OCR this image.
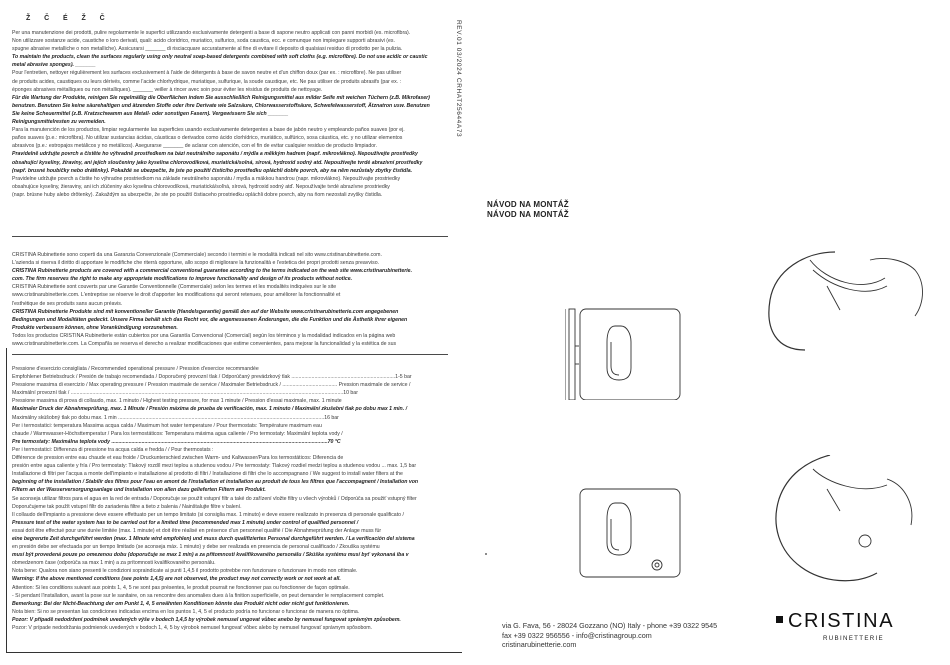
Ž   Č   É   Ž   Č
REV.01 03/2024 CRHAT25644A73

Per una manutenzione dei prodotti, pulire regolarmente le superfici utilizzando esclusivamente detergenti a base di sapone neutro applicati con panni morbidi (es. microfibra).

Non utilizzare sostanze acide, caustiche o loro derivati, quali: acido cloridrico, muriatico, sulfurico, soda caustica, ecc. e comunque non impiegare supporti abrasivi (es.

spugne abrasive metalliche o non metalliche). Assicurarsi _______ di risciacquare accuratamente al fine di evitare il deposito di qualsiasi residuo di prodotto per la pulizia.

To maintain the products, clean the surfaces regularly using only neutral soap-based detergents combined with soft cloths (e.g. microfibre). Do not use acidic or caustic

metal abrasive sponges). _______

Pour l'entretien, nettoyer régulièrement les surfaces exclusivement à l'aide de détergents à base de savon neutre et d'un chiffon doux (par ex. : microfibre). Ne pas utiliser

de produits acides, caustiques ou leurs dérivés, comme l'acide chlorhydrique, muriatique, sulfurique, la soude caustique, etc. Ne pas utiliser de produits abrasifs (par ex. :

éponges abrasives métalliques ou non métalliques). _______ veiller à rincer avec soin pour éviter les résidus de produits de nettoyage.

Für die Wartung der Produkte, reinigen Sie regelmäßig die Oberflächen indem Sie ausschließlich Reinigungsmittel aus milder Seife mit weichen Tüchern (z.B. Mikrofaser)

benutzen. Benutzen Sie keine säurehaltigen und ätzenden Stoffe oder ihre Derivate wie Salzsäure, Chlorwasserstoffsäure, Schwefelwasserstoff, Ätznatron usw. Benutzen

Sie keine Scheuermittel (z.B. Kratzschwamm aus Metall- oder sonstigen Fasern). Vergewissern Sie sich _______

Reinigungsmittelresten zu vermeiden.

Para la manutención de los productos, limpiar regularmente las superficies usando exclusivamente detergentes a base de jabón neutro y empleando paños suaves (por ej.

paños suaves (p.e.: microfibra). No utilizar sustancias ácidas, cáusticas o derivados como ácido clorhídrico, muriático, sulfúrico, sosa cáustica, etc. y no utilizar elementos

abrasivos (p.e.: estropajos metálicos y no metálicos). Asegurarse _______ de aclarar con atención, con el fin de evitar cualquier residuo de producto limpiador.

Pravidelně udržujte povrch a čistěte ho výhradně prostředkem na bázi neutrálního saponátu / mýdla a měkkým hadrem (např. mikrovlákno). Nepoužívejte prostředky

obsahující kyseliny, žíraviny, ani jejich sloučeniny jako kyselina chlorovodíková, muriatická/solná, sírová, hydroxid sodný atd. Nepoužívejte tvrdé abrazivní prostředky

(např. brusné houbičky nebo drátěnky). Pokaždé se ubezpečte, že jste po použití čisticího prostředku opláchli dobře povrch, aby na něm nezůstaly zbytky čistidla.

Pravidelne udržujte povrch a čistite ho výhradne prostriedkom na základe neutrálneho saponátu / mydla a mäkkou handrou (napr. mikrovlákno). Nepoužívajte prostriedky

obsahujúce kyseliny, žieraviny, ani ich zlúčeniny ako kyselina chlorovodíková, muriatická/soľná, sírová, hydroxid sodný atď. Nepoužívajte tvrdé abrazívne prostriedky

(napr. brúsne huby alebo drôtenky). Zakaždým sa ubezpečte, že ste po použití čistiaceho prostriedku opláchli dobre povrch, aby na ňom nezostali zvyšky čistidla.

CRISTINA Rubinetterie sono coperti da una Garanzia Convenzionale (Commerciale) secondo i termini e le modalità indicati nel sito www.cristinarubinetterie.com.

L'azienda si riserva il diritto di apportare le modifiche che riterrà opportune, allo scopo di migliorare la funzionalità e l'estetica dei propri prodotti senza preavviso.

CRISTINA Rubinetterie products are covered with a commercial conventional guarantee according to the terms indicated on the web site www.cristinarubinetterie.

com. The firm reserves the right to make any appropriate modifications to improve functionality and design of its products without notice.

CRISTINA Rubinetterie sont couverts par une Garantie Conventionnelle (Commerciale) selon les termes et les modalités indiquées sur le site

www.cristinarubinetterie.com. L'entreprise se réserve le droit d'apporter les modifications qui seront retenues, pour améliorer la fonctionnalité et

l'esthétique de ses produits sans aucun préavis.

CRISTINA Rubinetterie Produkte sind mit konventioneller Garantie (Handelsgarantie) gemäß den auf der Website www.cristinarubinetterie.com angegebenen

Bedingungen und Modalitäten gedeckt. Unsere Firma behält sich das Recht vor, die angemessenen Änderungen, die die Funktion und die Ästhetik ihrer eigenen

Produkte verbessern können, ohne Vorankündigung vorzunehmen.

Todos los productos CRISTINA Rubinetterie están cubiertos por una Garantía Convencional (Comercial) según los términos y la modalidad indicados en la página web

www.cristinarubinetterie.com. La Compañía se reserva el derecho a realizar modificaciones que estime convenientes, para mejorar la funcionalidad y la estética de sus

Pressione d'esercizio consigliata / Recommended operational pressure / Pression d'exercice recommandée

Empfohlener Betriebsdruck / Presión de trabajo recomendada / Doporučený provozní tlak / Odporúčaný prevádzkový tlak ........................................................................1-5 bar

Pressione massima di esercizio / Max operating pressure / Pression maximale de service / Maximaler Betriebsdruck / ...................................... Pression maximale de service /

Maximální provozní tlak / .............................................................................................................................................................................................10 bar

Pressione massima di prova di collaudo, max. 1 minuto / Highest testing pressure, for max 1 minute / Pression d'essai maximale, max. 1 minute

Maximaler Druck der Abnahmeprüfung, max. 1 Minute / Presión máxima de prueba de verificación, max. 1 minuto / Maximální zkušební tlak po dobu max 1 min. /

Maximálny skúšobný tlak po dobu max. 1 min ...............................................................................................................................................16 bar

Per i termostatici: temperatura Massima acqua calda / Maximum hot water temperature / Pour thermostats: Température maximum eau

chaude / Warmwasser-Höchsttemperatur / Para los termostáticos: Temperatura máxima agua caliente / Pro termostaty: Maximální teplota vody /

Pre termostaty: Maximálna teplota vody ......................................................................................................................................................70 °C

Per i termostatici: Differenza di pressione tra acqua calda e fredda / / Pour thermostats :

Différence de pression entre eau chaude et eau froide / Druckunterschied zwischen Warm- und Kaltwasser/Para los termostáticos: Diferencia de

presión entre agua caliente y fría / Pro termostaty: Tlakový rozdíl mezi teplou a studenou vodou / Pre termostaty: Tlakový rozdiel medzi teplou a studenou vodou ... max. 1,5 bar

Installazione di filtri per l'acqua a monte dell'impianto e installazione al prodotto di filtri / Installazione di filtri che lo accompagnano / We suggest to install water filters at the

beginning of the installation / Stabilir des filtres pour l'eau en amont de l'installation et installation au produit de tous les filtres que l'accompagnent / Installation von

Filtern an der Wasserversorgungsanlage und Installation von allen dazu gelieferten Filtern am Produkt.

Se aconseja utilizar filtros para el agua en la red de entrada / Doporučuje se použít vstupní filtr a také do zařízení vložte filtry u všech výrobků / Odporúča sa použiť vstupný filter

Doporučujeme tak použít vstupní filtr do zariadenia filtre a tieto z balenia / Nainštalujte filtre v balení.

Il collaudo dell'impianto a pressione deve essere effettuato per un tempo limitato (si consiglia max. 1 minuto) e deve essere realizzato in presenza di personale qualificato /

Pressure test of the water system has to be carried out for a limited time (recommended max 1 minute) under control of qualified personnel /

essai doit être effectué pour une durée limitée (max. 1 minute) et doit être réalisé en présence d'un personnel qualifié / Die Abnahmeprüfung der Anlage muss für

eine begrenzte Zeit durchgeführt werden (max. 1 Minute wird empfohlen) und muss durch qualifiziertes Personal durchgeführt werden. / La verificación del sistema

en presión debe ser efectuada por un tiempo limitado (se aconseja máx. 1 minuto) y debe ser realizada en presencia de personal cualificado / Zkouška systému

musí být provedená pouze po omezenou dobu (doporučuje se max 1 min) a za přítomnosti kvalifikovaného personálu / Skúška systému musí byť vykonaná iba v

obmedzenom čase (odporúča sa max 1 min) a za prítomnosti kvalifikovaného personálu.

Nota bene: Qualora non siano presenti le condizioni sopraindicate ai punti 1,4,5 il prodotto potrebbe non funzionare o funzionare in modo non ottimale.

Warning: If the above mentioned conditions (see points 1,4,5) are not observed, the product may not correctly work or not work at all.

Attention: Si les conditions suivant aux points 1, 4, 5 ne sont pas présentes, le produit pourrait ne fonctionner pas ou fonctionner de façon optimale.

- Si pendant l'installation, avant la pose sur le sanitaire, on sa rencontre des anomalies dues à la finition superficielle, on peut demander le remplacement complet.

Bemerkung: Bei der Nicht-Beachtung der om Punkt 1, 4, 5 erwähnten Konditionen könnte das Produkt nicht oder nicht gut funktionieren.

Nota bien: Si no se presentan las condiciones indicadas encima en los puntos 1, 4, 5 el producto podría no funcionar o funcionar de manera no óptima.

Pozor: V případě nedodržení podmínek uvedených výše v bodech 1,4,5 by výrobek nemusel ungovat vůbec anebo by nemusel fungovat správným způsobem.

Pozor: V prípade nedodržania podmienok uvedených v bodoch 1, 4, 5 by výrobok nemusel fungovať vôbec alebo by nemusel fungovať správnym spôsobom.

NÁVOD NA MONTÁŽ
NÁVOD NA MONTÁŽ
via G. Fava, 56 - 28024 Gozzano (NO) Italy - phone +39 0322 9545
fax +39 0322 956556 - info@cristinagroup.com
cristinarubinetterie.com
CRISTINA
RUBINETTERIE
